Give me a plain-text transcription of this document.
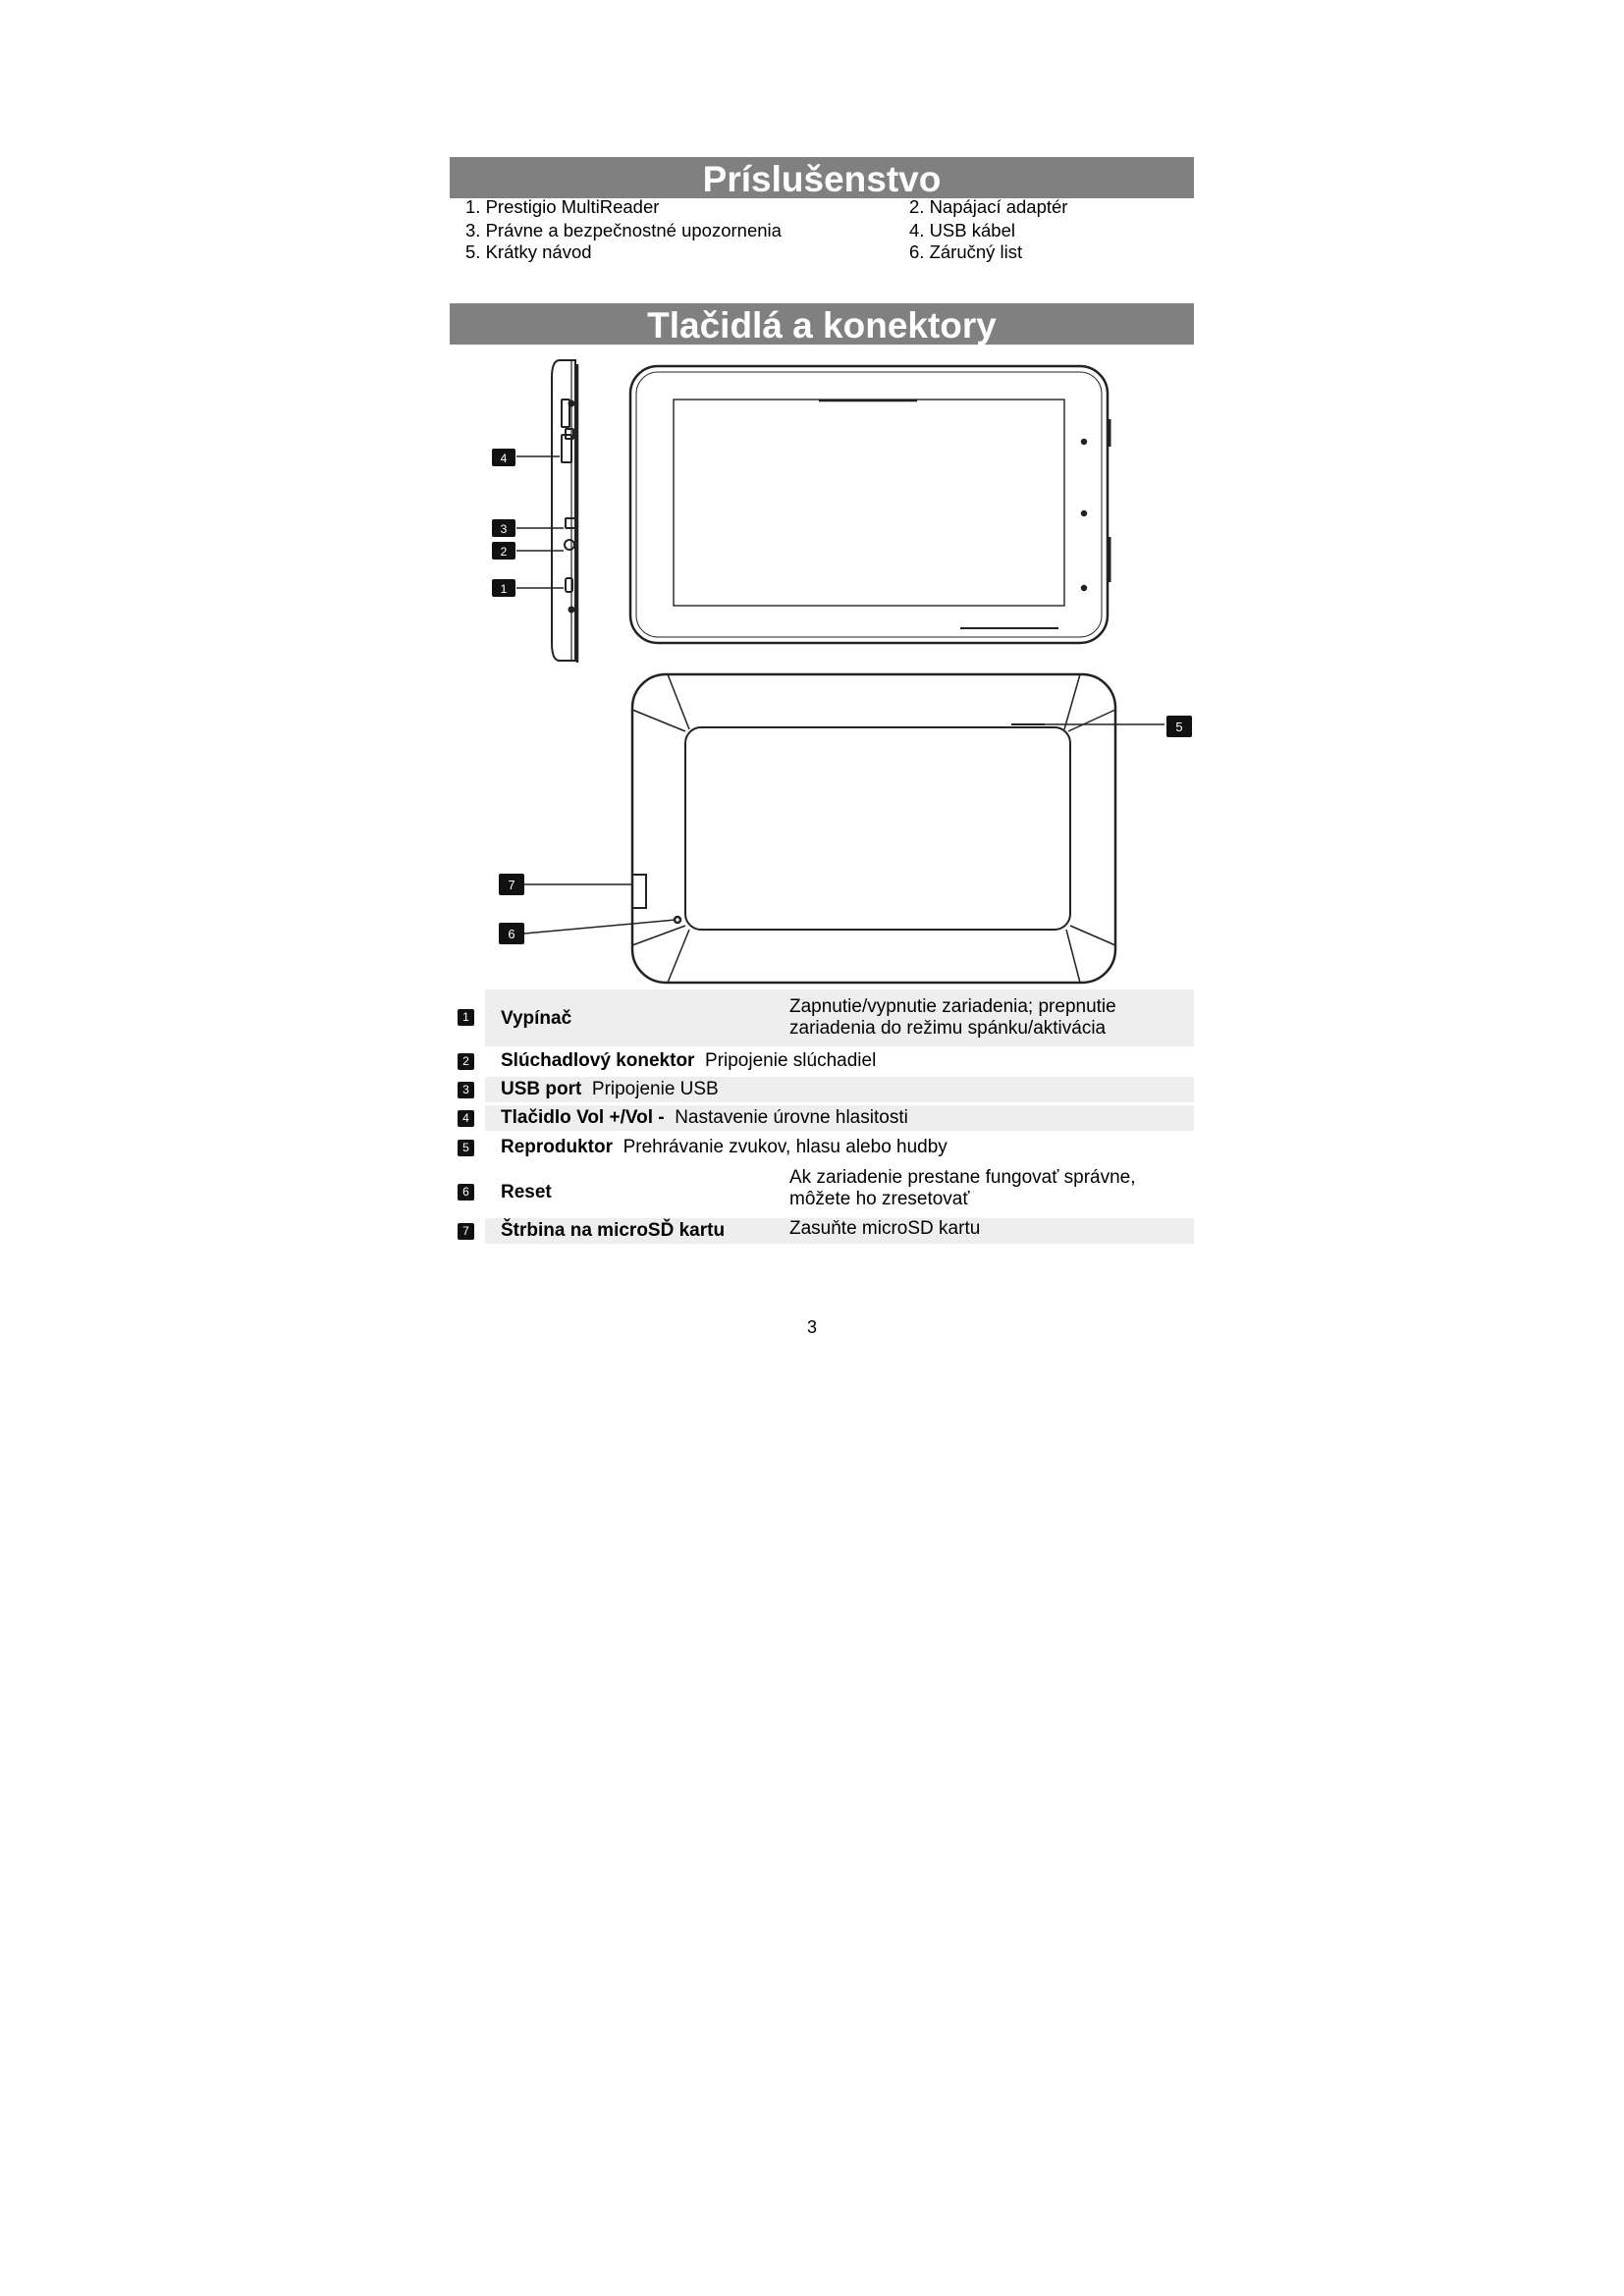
Príslušenstvo
1. Prestigio MultiReader
3. Právne a bezpečnostné upozornenia
5. Krátky návod
2. Napájací adaptér
4. USB kábel
6. Záručný list
Tlačidlá a konektory
4
3
2
1
5
7
6
1 Vypínač
Zapnutie/vypnutie zariadenia; prepnutie
zariadenia do režimu spánku/aktivácia
2 Slúchadlový konektor Pripojenie slúchadiel
3 USB port Pripojenie USB
4 Tlačidlo Vol +/Vol - Nastavenie úrovne hlasitosti
5 Reproduktor Prehrávanie zvukov, hlasu alebo hudby
6 Reset
Ak zariadenie prestane fungovať správne,
môžete ho zresetovať
7 Štrbina na microSĎ kartu	Zasuňte microSD kartu
3
